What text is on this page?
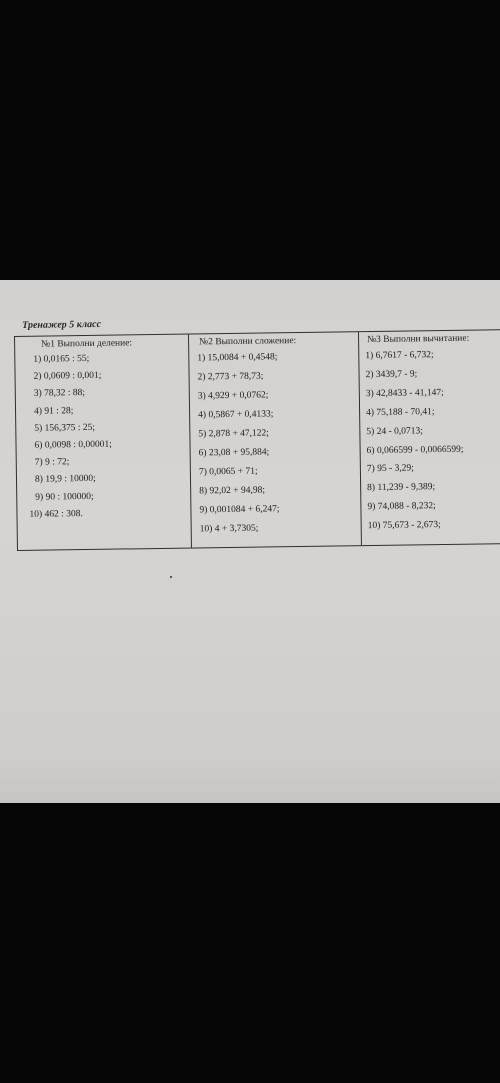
Тренажер 5 класс
№1 Выполни деление:
1) 0,0165 : 55;
2) 0,0609 : 0,001;
3) 78,32 : 88;
4) 91 : 28;
5) 156,375 : 25;
6) 0,0098 : 0,00001;
7) 9 : 72;
8) 19,9 : 10000;
9) 90 : 100000;
10) 462 : 308.
№2 Выполни сложение:
1) 15,0084 + 0,4548;
2) 2,773 + 78,73;
3) 4,929 + 0,0762;
4) 0,5867 + 0,4133;
5) 2,878 + 47,122;
6) 23,08 + 95,884;
7) 0,0065 + 71;
8) 92,02 + 94,98;
9) 0,001084 + 6,247;
10) 4 + 3,7305;
№3 Выполни вычитание:
1) 6,7617 - 6,732;
2) 3439,7 - 9;
3) 42,8433 - 41,147;
4) 75,188 - 70,41;
5) 24 - 0,0713;
6) 0,066599 - 0,0066599;
7) 95 - 3,29;
8) 11,239 - 9,389;
9) 74,088 - 8,232;
10) 75,673 - 2,673;
